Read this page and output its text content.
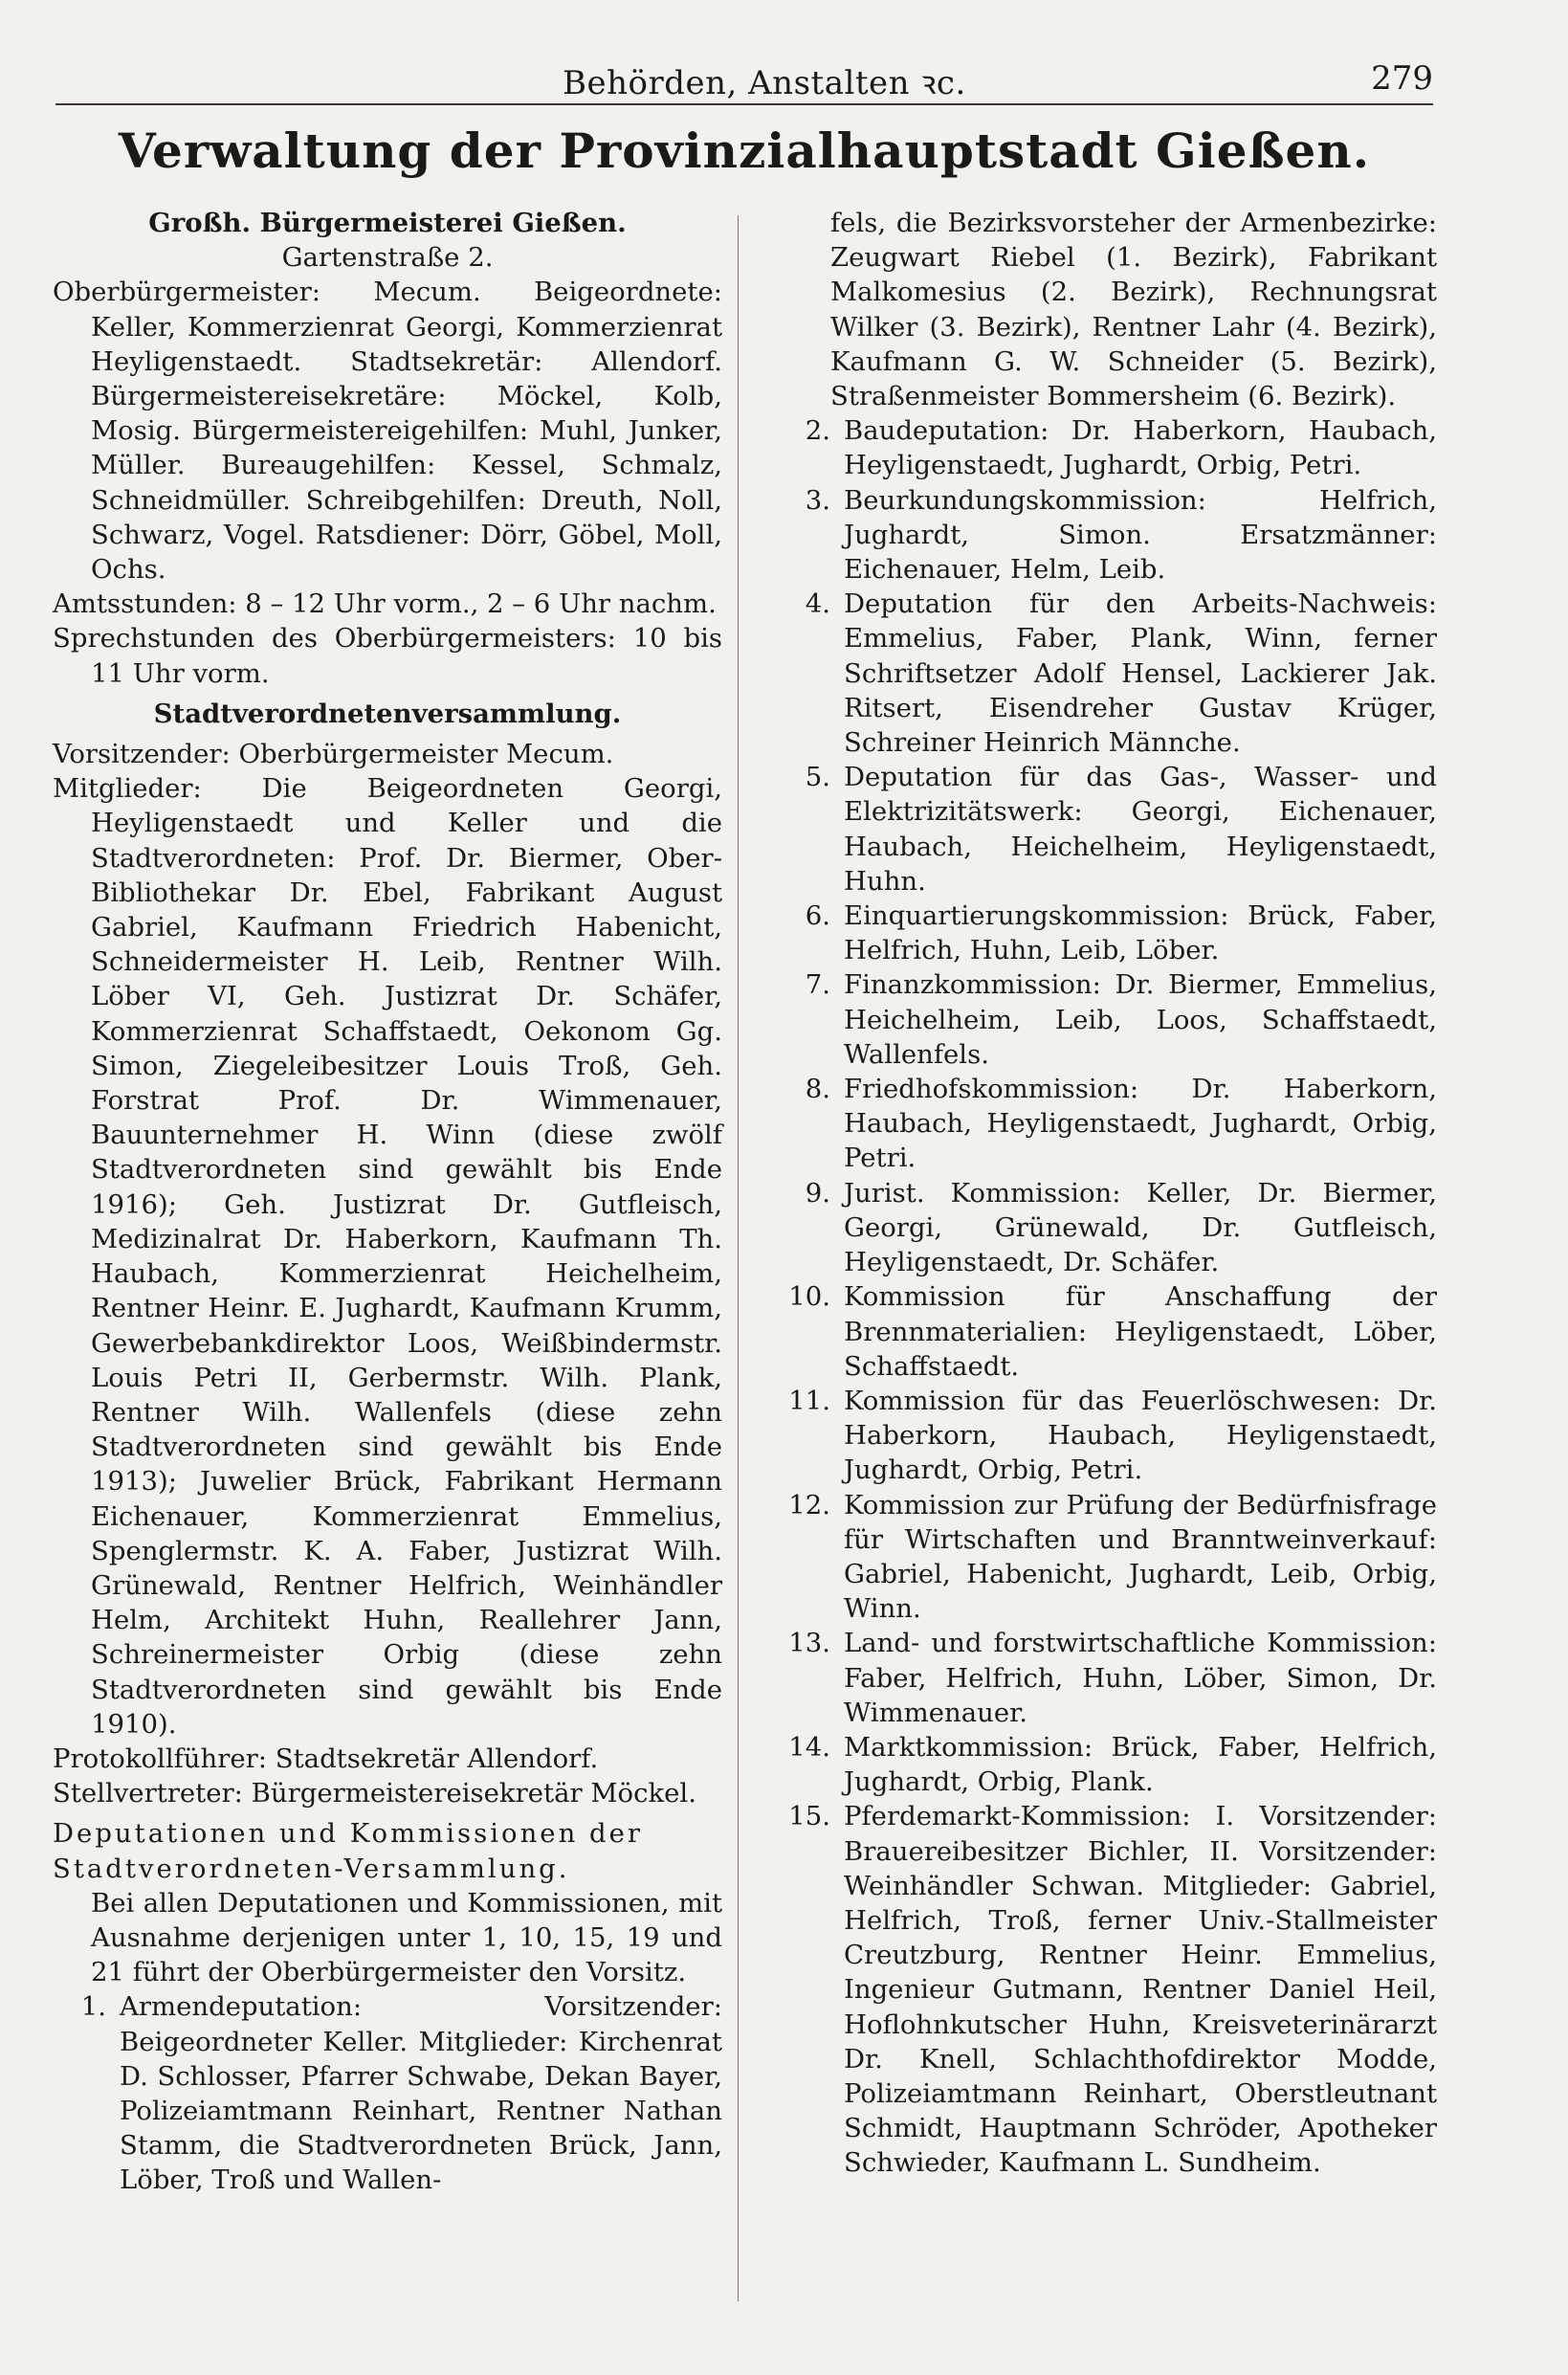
Behörden, Anstalten ꝛc.	279
Verwaltung der Provinzialhauptstadt Gießen.

Großh. Bürgermeisterei Gießen.

Gartenstraße 2.

Oberbürgermeister: Mecum. Beigeordnete: Keller, Kommerzienrat Georgi, Kommerzienrat Heyligenstaedt. Stadtsekretär: Allendorf. Bürgermeistereisekretäre: Möckel, Kolb, Mosig. Bürgermeistereigehilfen: Muhl, Junker, Müller. Bureaugehilfen: Kessel, Schmalz, Schneidmüller. Schreibgehilfen: Dreuth, Noll, Schwarz, Vogel. Ratsdiener: Dörr, Göbel, Moll, Ochs.

Amtsstunden: 8 – 12 Uhr vorm., 2 – 6 Uhr nachm.

Sprechstunden des Oberbürgermeisters: 10 bis 11 Uhr vorm.

Stadtverordnetenversammlung.

Vorsitzender: Oberbürgermeister Mecum.

Mitglieder: Die Beigeordneten Georgi, Heyligenstaedt und Keller und die Stadtverordneten: Prof. Dr. Biermer, Ober-Bibliothekar Dr. Ebel, Fabrikant August Gabriel, Kaufmann Friedrich Habenicht, Schneidermeister H. Leib, Rentner Wilh. Löber VI, Geh. Justizrat Dr. Schäfer, Kommerzienrat Schaffstaedt, Oekonom Gg. Simon, Ziegeleibesitzer Louis Troß, Geh. Forstrat Prof. Dr. Wimmenauer, Bauunternehmer H. Winn (diese zwölf Stadtverordneten sind gewählt bis Ende 1916); Geh. Justizrat Dr. Gutfleisch, Medizinalrat Dr. Haberkorn, Kaufmann Th. Haubach, Kommerzienrat Heichelheim, Rentner Heinr. E. Jughardt, Kaufmann Krumm, Gewerbebankdirektor Loos, Weißbindermstr. Louis Petri II, Gerbermstr. Wilh. Plank, Rentner Wilh. Wallenfels (diese zehn Stadtverordneten sind gewählt bis Ende 1913); Juwelier Brück, Fabrikant Hermann Eichenauer, Kommerzienrat Emmelius, Spenglermstr. K. A. Faber, Justizrat Wilh. Grünewald, Rentner Helfrich, Weinhändler Helm, Architekt Huhn, Reallehrer Jann, Schreinermeister Orbig (diese zehn Stadtverordneten sind gewählt bis Ende 1910).

Protokollführer: Stadtsekretär Allendorf.

Stellvertreter: Bürgermeistereisekretär Möckel.

Deputationen und Kommissionen der Stadtverordneten-Versammlung.

Bei allen Deputationen und Kommissionen, mit Ausnahme derjenigen unter 1, 10, 15, 19 und 21 führt der Oberbürgermeister den Vorsitz.

1. Armendeputation: Vorsitzender: Beigeordneter Keller. Mitglieder: Kirchenrat D. Schlosser, Pfarrer Schwabe, Dekan Bayer, Polizeiamtmann Reinhart, Rentner Nathan Stamm, die Stadtverordneten Brück, Jann, Löber, Troß und Wallen-

fels, die Bezirksvorsteher der Armenbezirke: Zeugwart Riebel (1. Bezirk), Fabrikant Malkomesius (2. Bezirk), Rechnungsrat Wilker (3. Bezirk), Rentner Lahr (4. Bezirk), Kaufmann G. W. Schneider (5. Bezirk), Straßenmeister Bommersheim (6. Bezirk).

2. Baudeputation: Dr. Haberkorn, Haubach, Heyligenstaedt, Jughardt, Orbig, Petri.
3. Beurkundungskommission: Helfrich, Jughardt, Simon. Ersatzmänner: Eichenauer, Helm, Leib.
4. Deputation für den Arbeits-Nachweis: Emmelius, Faber, Plank, Winn, ferner Schriftsetzer Adolf Hensel, Lackierer Jak. Ritsert, Eisendreher Gustav Krüger, Schreiner Heinrich Männche.
5. Deputation für das Gas-, Wasser- und Elektrizitätswerk: Georgi, Eichenauer, Haubach, Heichelheim, Heyligenstaedt, Huhn.
6. Einquartierungskommission: Brück, Faber, Helfrich, Huhn, Leib, Löber.
7. Finanzkommission: Dr. Biermer, Emmelius, Heichelheim, Leib, Loos, Schaffstaedt, Wallenfels.
8. Friedhofskommission: Dr. Haberkorn, Haubach, Heyligenstaedt, Jughardt, Orbig, Petri.
9. Jurist. Kommission: Keller, Dr. Biermer, Georgi, Grünewald, Dr. Gutfleisch, Heyligenstaedt, Dr. Schäfer.
10. Kommission für Anschaffung der Brennmaterialien: Heyligenstaedt, Löber, Schaffstaedt.
11. Kommission für das Feuerlöschwesen: Dr. Haberkorn, Haubach, Heyligenstaedt, Jughardt, Orbig, Petri.
12. Kommission zur Prüfung der Bedürfnisfrage für Wirtschaften und Branntweinverkauf: Gabriel, Habenicht, Jughardt, Leib, Orbig, Winn.
13. Land- und forstwirtschaftliche Kommission: Faber, Helfrich, Huhn, Löber, Simon, Dr. Wimmenauer.
14. Marktkommission: Brück, Faber, Helfrich, Jughardt, Orbig, Plank.
15. Pferdemarkt-Kommission: I. Vorsitzender: Brauereibesitzer Bichler, II. Vorsitzender: Weinhändler Schwan. Mitglieder: Gabriel, Helfrich, Troß, ferner Univ.-Stallmeister Creutzburg, Rentner Heinr. Emmelius, Ingenieur Gutmann, Rentner Daniel Heil, Hoflohnkutscher Huhn, Kreisveterinärarzt Dr. Knell, Schlachthofdirektor Modde, Polizeiamtmann Reinhart, Oberstleutnant Schmidt, Hauptmann Schröder, Apotheker Schwieder, Kaufmann L. Sundheim.
